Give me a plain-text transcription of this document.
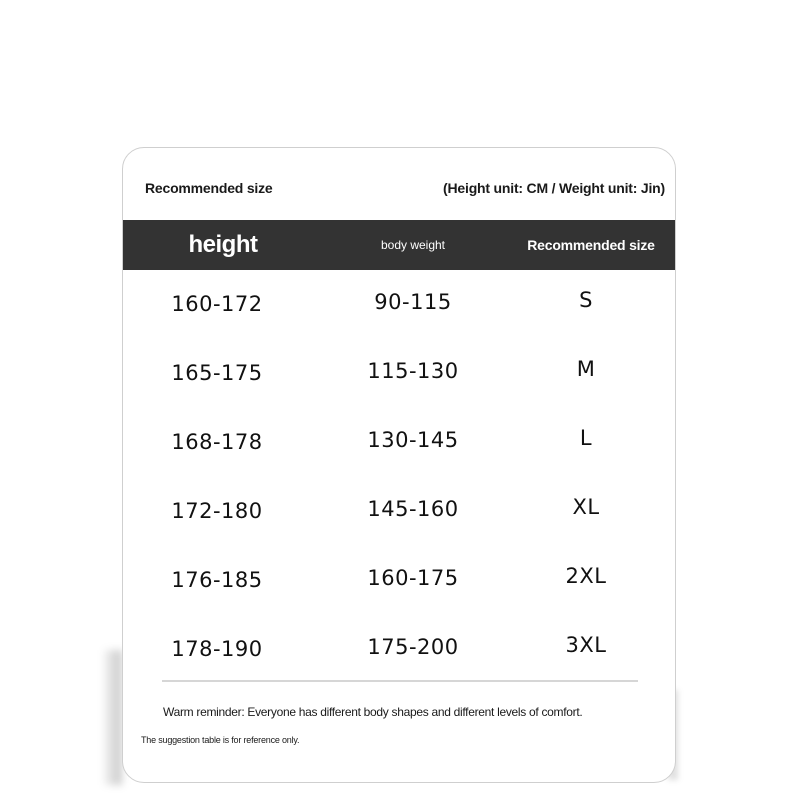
Recommended size	(Height unit: CM / Weight unit: Jin)
height	body weight	Recommended size
160-172	90-115	S
165-175	115-130	M
168-178	130-145	L
172-180	145-160	XL
176-185	160-175	2XL
178-190	175-200	3XL
Warm reminder: Everyone has different body shapes and different levels of comfort.
The suggestion table is for reference only.
